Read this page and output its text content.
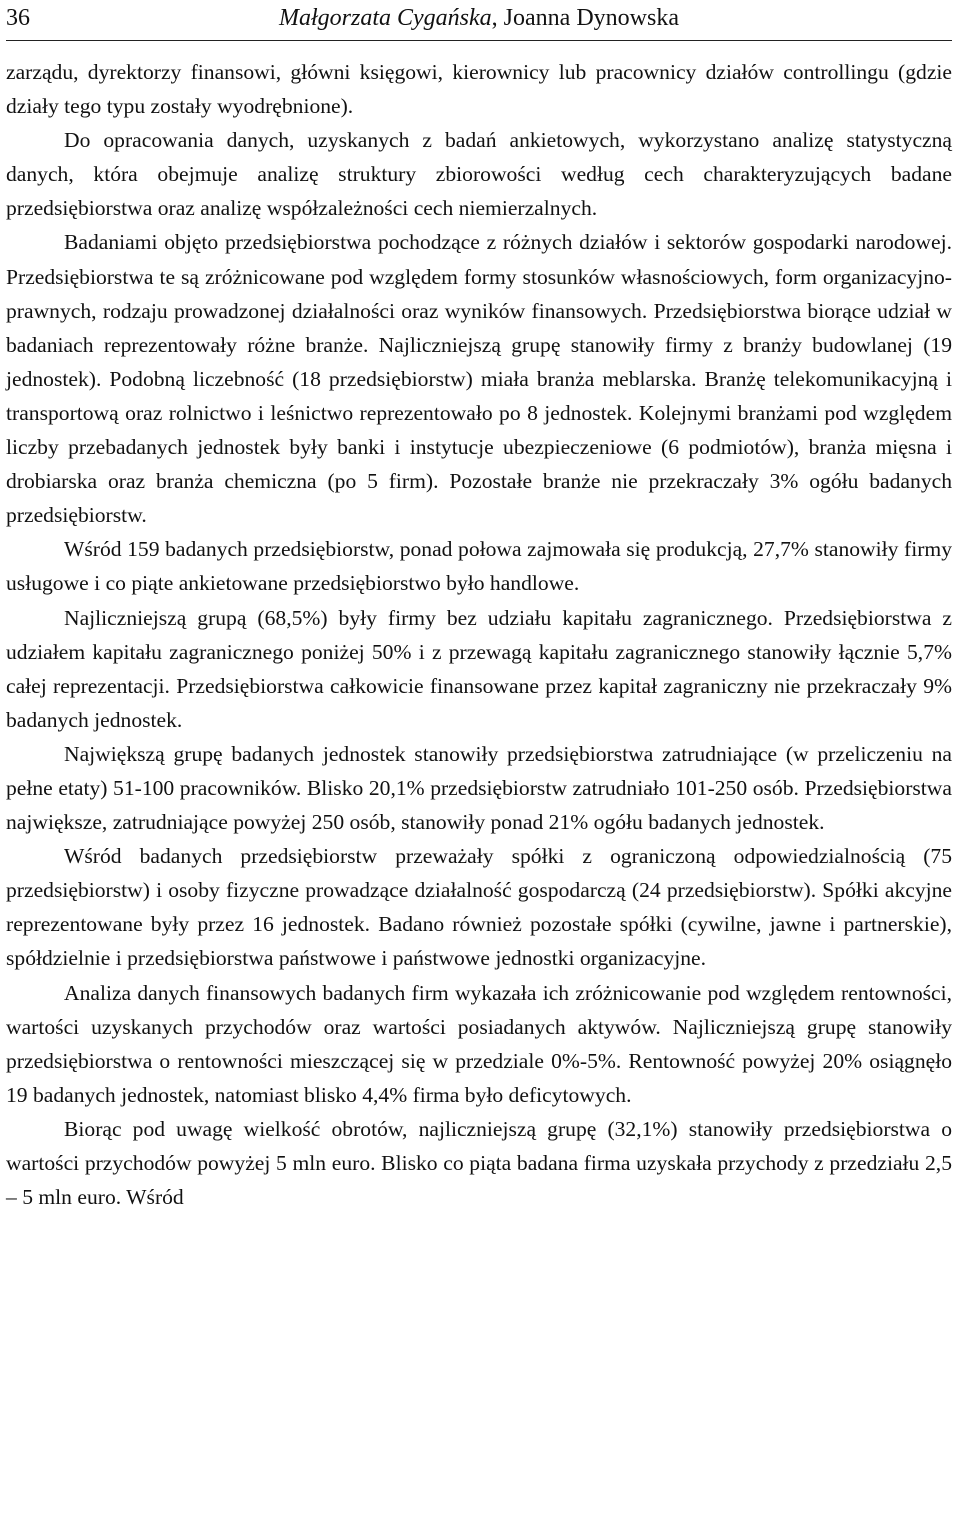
36	Małgorzata Cygańska, Joanna Dynowska

zarządu, dyrektorzy finansowi, główni księgowi, kierownicy lub pracownicy działów controllingu (gdzie działy tego typu zostały wyodrębnione).

Do opracowania danych, uzyskanych z badań ankietowych, wykorzystano analizę statystyczną danych, która obejmuje analizę struktury zbiorowości według cech charakteryzujących badane przedsiębiorstwa oraz analizę współzależności cech niemierzalnych.

Badaniami objęto przedsiębiorstwa pochodzące z różnych działów i sektorów gospodarki narodowej. Przedsiębiorstwa te są zróżnicowane pod względem formy stosunków własnościowych, form organizacyjno-prawnych, rodzaju prowadzonej działalności oraz wyników finansowych. Przedsiębiorstwa biorące udział w badaniach reprezentowały różne branże. Najliczniejszą grupę stanowiły firmy z branży budowlanej (19 jednostek). Podobną liczebność (18 przedsiębiorstw) miała branża meblarska. Branżę telekomunikacyjną i transportową oraz rolnictwo i leśnictwo reprezentowało po 8 jednostek. Kolejnymi branżami pod względem liczby przebadanych jednostek były banki i instytucje ubezpieczeniowe (6 podmiotów), branża mięsna i drobiarska oraz branża chemiczna (po 5 firm). Pozostałe branże nie przekraczały 3% ogółu badanych przedsiębiorstw.

Wśród 159 badanych przedsiębiorstw, ponad połowa zajmowała się produkcją, 27,7% stanowiły firmy usługowe i co piąte ankietowane przedsiębiorstwo było handlowe.

Najliczniejszą grupą (68,5%) były firmy bez udziału kapitału zagranicznego. Przedsiębiorstwa z udziałem kapitału zagranicznego poniżej 50% i z przewagą kapitału zagranicznego stanowiły łącznie 5,7% całej reprezentacji. Przedsiębiorstwa całkowicie finansowane przez kapitał zagraniczny nie przekraczały 9% badanych jednostek.

Największą grupę badanych jednostek stanowiły przedsiębiorstwa zatrudniające (w przeliczeniu na pełne etaty) 51-100 pracowników. Blisko 20,1% przedsiębiorstw zatrudniało 101-250 osób. Przedsiębiorstwa największe, zatrudniające powyżej 250 osób, stanowiły ponad 21% ogółu badanych jednostek.

Wśród badanych przedsiębiorstw przeważały spółki z ograniczoną odpowiedzialnością (75 przedsiębiorstw) i osoby fizyczne prowadzące działalność gospodarczą (24 przedsiębiorstw). Spółki akcyjne reprezentowane były przez 16 jednostek. Badano również pozostałe spółki (cywilne, jawne i partnerskie), spółdzielnie i przedsiębiorstwa państwowe i państwowe jednostki organizacyjne.

Analiza danych finansowych badanych firm wykazała ich zróżnicowanie pod względem rentowności, wartości uzyskanych przychodów oraz wartości posiadanych aktywów. Najliczniejszą grupę stanowiły przedsiębiorstwa o rentowności mieszczącej się w przedziale 0%-5%. Rentowność powyżej 20% osiągnęło 19 badanych jednostek, natomiast blisko 4,4% firma było deficytowych.

Biorąc pod uwagę wielkość obrotów, najliczniejszą grupę (32,1%) stanowiły przedsiębiorstwa o wartości przychodów powyżej 5 mln euro. Blisko co piąta badana firma uzyskała przychody z przedziału 2,5 – 5 mln euro. Wśród
